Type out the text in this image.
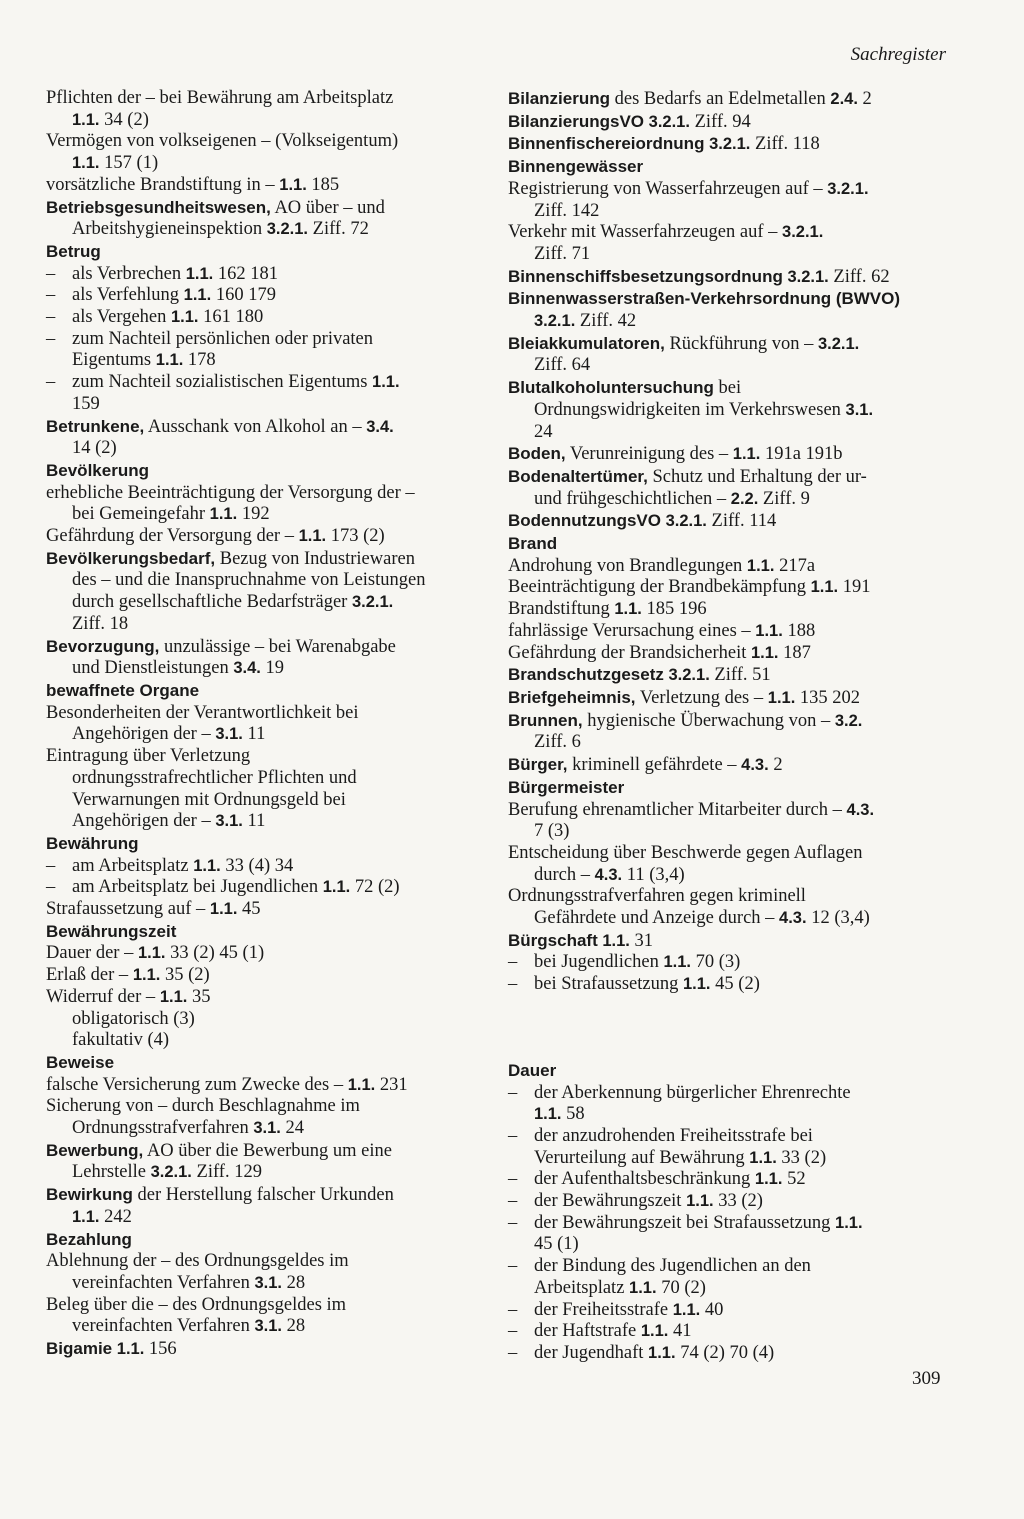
Sachregister
Pflichten der – bei Bewährung am Arbeitsplatz
1.1. 34 (2)
Vermögen von volkseigenen – (Volkseigentum)
1.1. 157 (1)
vorsätzliche Brandstiftung in – 1.1. 185
Betriebsgesundheitswesen, AO über – und
Arbeitshygieneinspektion 3.2.1. Ziff. 72
Betrug
– als Verbrechen 1.1. 162 181
– als Verfehlung 1.1. 160 179
– als Vergehen 1.1. 161 180
– zum Nachteil persönlichen oder privaten
Eigentums 1.1. 178
– zum Nachteil sozialistischen Eigentums 1.1.
159
Betrunkene, Ausschank von Alkohol an – 3.4.
14 (2)
Bevölkerung
erhebliche Beeinträchtigung der Versorgung der –
bei Gemeingefahr 1.1. 192
Gefährdung der Versorgung der – 1.1. 173 (2)
Bevölkerungsbedarf, Bezug von Industriewaren
des – und die Inanspruchnahme von Leistungen
durch gesellschaftliche Bedarfsträger 3.2.1.
Ziff. 18
Bevorzugung, unzulässige – bei Warenabgabe
und Dienstleistungen 3.4. 19
bewaffnete Organe
Besonderheiten der Verantwortlichkeit bei
Angehörigen der – 3.1. 11
Eintragung über Verletzung
ordnungsstrafrechtlicher Pflichten und
Verwarnungen mit Ordnungsgeld bei
Angehörigen der – 3.1. 11
Bewährung
– am Arbeitsplatz 1.1. 33 (4) 34
– am Arbeitsplatz bei Jugendlichen 1.1. 72 (2)
Strafaussetzung auf – 1.1. 45
Bewährungszeit
Dauer der – 1.1. 33 (2) 45 (1)
Erlaß der – 1.1. 35 (2)
Widerruf der – 1.1. 35
obligatorisch (3)
fakultativ (4)
Beweise
falsche Versicherung zum Zwecke des – 1.1. 231
Sicherung von – durch Beschlagnahme im
Ordnungsstrafverfahren 3.1. 24
Bewerbung, AO über die Bewerbung um eine
Lehrstelle 3.2.1. Ziff. 129
Bewirkung der Herstellung falscher Urkunden
1.1. 242
Bezahlung
Ablehnung der – des Ordnungsgeldes im
vereinfachten Verfahren 3.1. 28
Beleg über die – des Ordnungsgeldes im
vereinfachten Verfahren 3.1. 28
Bigamie 1.1. 156
Bilanzierung des Bedarfs an Edelmetallen 2.4. 2
BilanzierungsVO 3.2.1. Ziff. 94
Binnenfischereiordnung 3.2.1. Ziff. 118
Binnengewässer
Registrierung von Wasserfahrzeugen auf – 3.2.1.
Ziff. 142
Verkehr mit Wasserfahrzeugen auf – 3.2.1.
Ziff. 71
Binnenschiffsbesetzungsordnung 3.2.1. Ziff. 62
Binnenwasserstraßen-Verkehrsordnung (BWVO)
3.2.1. Ziff. 42
Bleiakkumulatoren, Rückführung von – 3.2.1.
Ziff. 64
Blutalkoholuntersuchung bei
Ordnungswidrigkeiten im Verkehrswesen 3.1.
24
Boden, Verunreinigung des – 1.1. 191a 191b
Bodenaltertümer, Schutz und Erhaltung der ur-
und frühgeschichtlichen – 2.2. Ziff. 9
BodennutzungsVO 3.2.1. Ziff. 114
Brand
Androhung von Brandlegungen 1.1. 217a
Beeinträchtigung der Brandbekämpfung 1.1. 191
Brandstiftung 1.1. 185 196
fahrlässige Verursachung eines – 1.1. 188
Gefährdung der Brandsicherheit 1.1. 187
Brandschutzgesetz 3.2.1. Ziff. 51
Briefgeheimnis, Verletzung des – 1.1. 135 202
Brunnen, hygienische Überwachung von – 3.2.
Ziff. 6
Bürger, kriminell gefährdete – 4.3. 2
Bürgermeister
Berufung ehrenamtlicher Mitarbeiter durch – 4.3.
7 (3)
Entscheidung über Beschwerde gegen Auflagen
durch – 4.3. 11 (3,4)
Ordnungsstrafverfahren gegen kriminell
Gefährdete und Anzeige durch – 4.3. 12 (3,4)
Bürgschaft 1.1. 31
– bei Jugendlichen 1.1. 70 (3)
– bei Strafaussetzung 1.1. 45 (2)
Dauer
– der Aberkennung bürgerlicher Ehrenrechte
1.1. 58
– der anzudrohenden Freiheitsstrafe bei
Verurteilung auf Bewährung 1.1. 33 (2)
– der Aufenthaltsbeschränkung 1.1. 52
– der Bewährungszeit 1.1. 33 (2)
– der Bewährungszeit bei Strafaussetzung 1.1.
45 (1)
– der Bindung des Jugendlichen an den
Arbeitsplatz 1.1. 70 (2)
– der Freiheitsstrafe 1.1. 40
– der Haftstrafe 1.1. 41
– der Jugendhaft 1.1. 74 (2) 70 (4)
309
